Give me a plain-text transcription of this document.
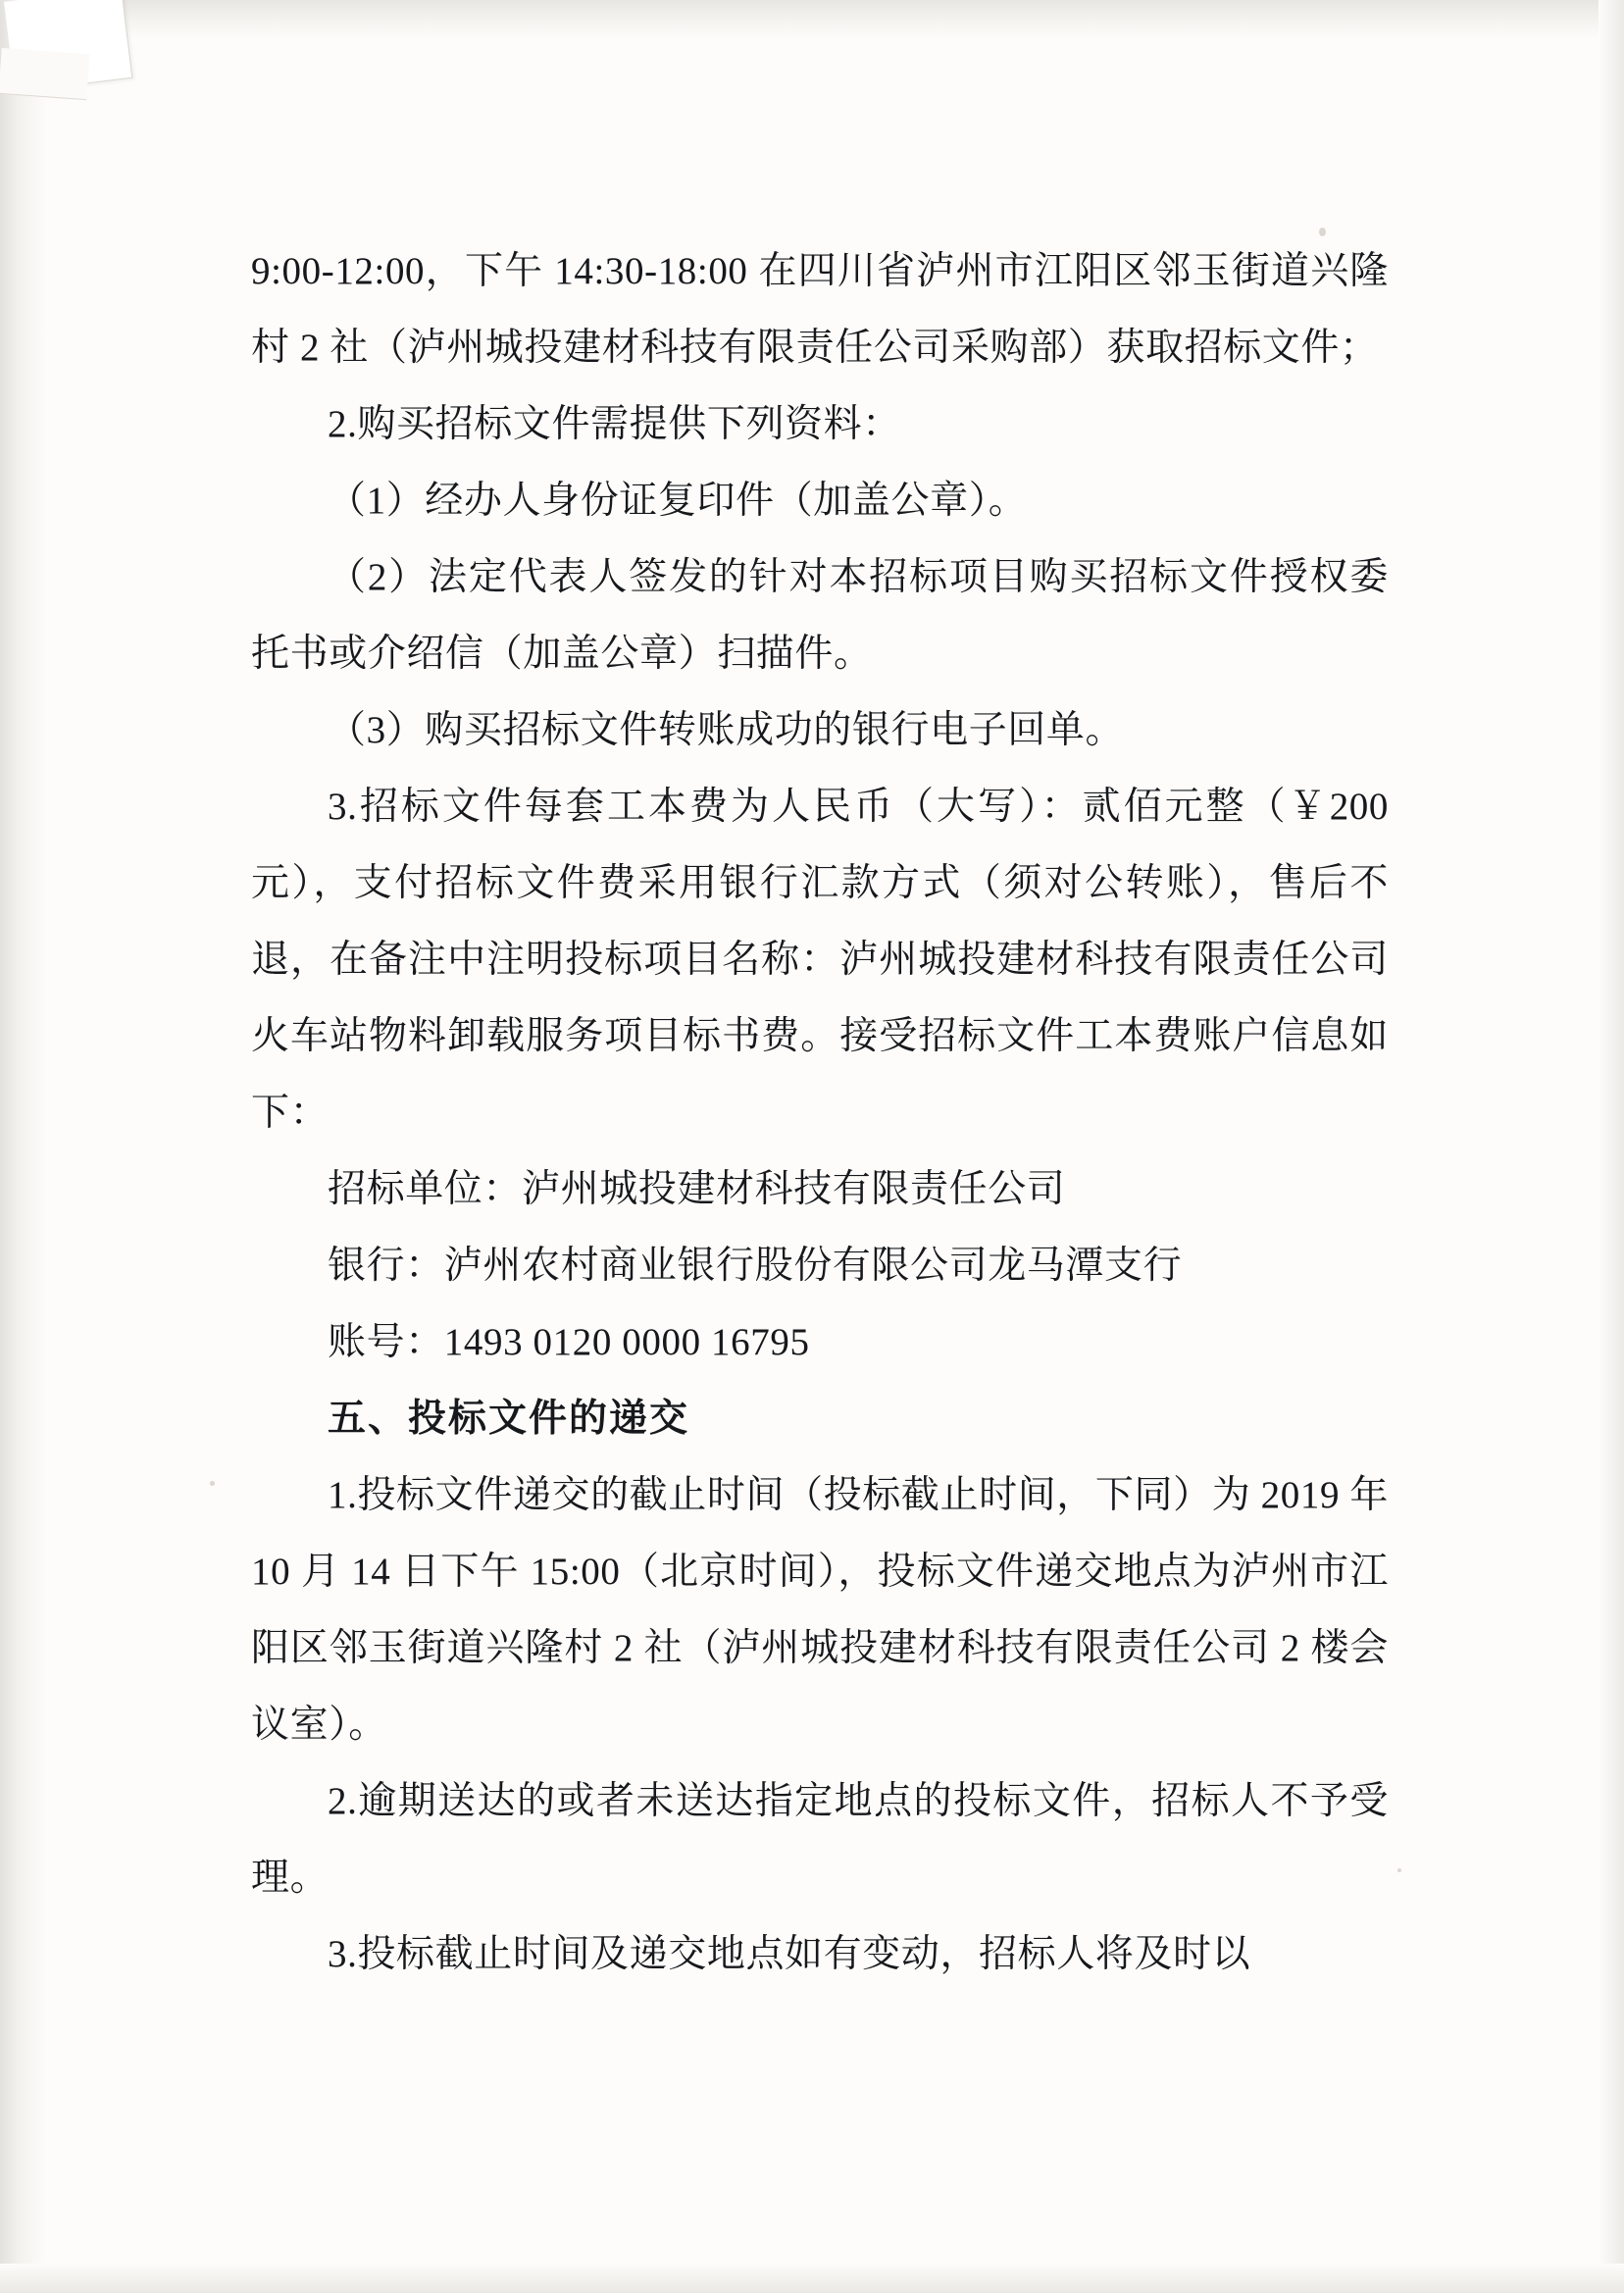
9:00-12:00，下午 14:30-18:00 在四川省泸州市江阳区邻玉街道兴隆村 2 社（泸州城投建材科技有限责任公司采购部）获取招标文件；

2.购买招标文件需提供下列资料：

（1）经办人身份证复印件（加盖公章）。

（2）法定代表人签发的针对本招标项目购买招标文件授权委托书或介绍信（加盖公章）扫描件。

（3）购买招标文件转账成功的银行电子回单。

3.招标文件每套工本费为人民币（大写）：贰佰元整（￥200 元），支付招标文件费采用银行汇款方式（须对公转账），售后不退，在备注中注明投标项目名称：泸州城投建材科技有限责任公司火车站物料卸载服务项目标书费。接受招标文件工本费账户信息如下：

招标单位：泸州城投建材科技有限责任公司

银行：泸州农村商业银行股份有限公司龙马潭支行

账号：1493 0120 0000 16795

五、投标文件的递交

1.投标文件递交的截止时间（投标截止时间，下同）为 2019 年 10 月 14 日下午 15:00（北京时间），投标文件递交地点为泸州市江阳区邻玉街道兴隆村 2 社（泸州城投建材科技有限责任公司 2 楼会议室）。

2.逾期送达的或者未送达指定地点的投标文件，招标人不予受理。

3.投标截止时间及递交地点如有变动，招标人将及时以
